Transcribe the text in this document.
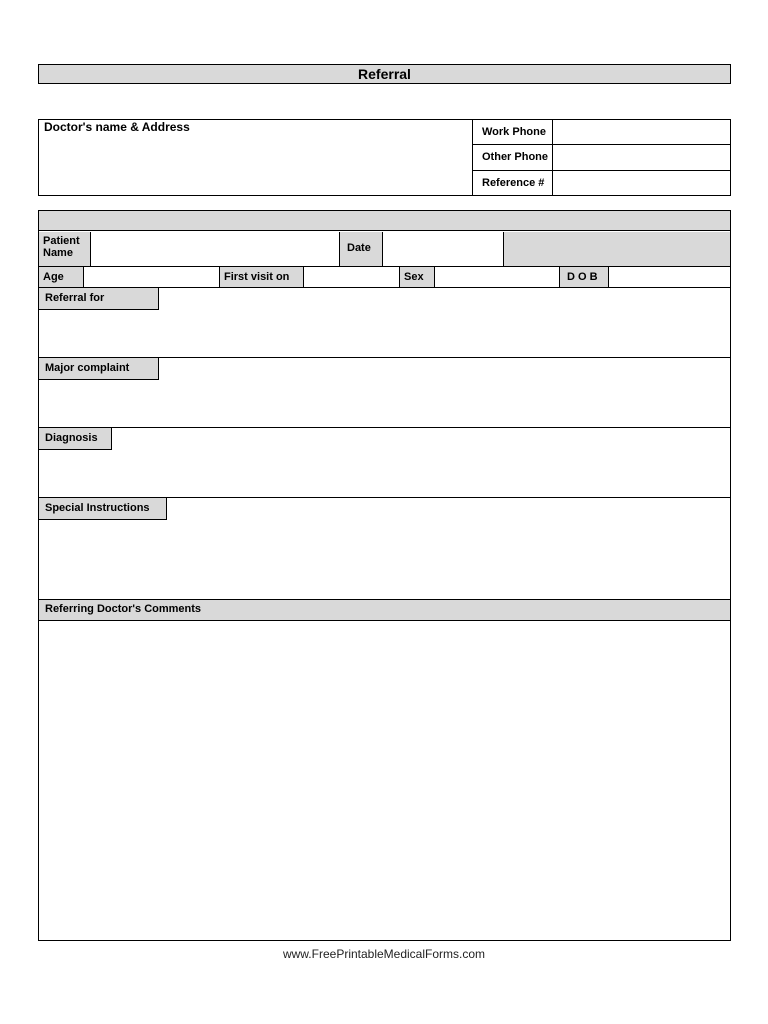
Referral
Doctor's name & Address	Work Phone	
Other Phone	
Reference #	
Patient Name	Date
Age	First visit on	Sex	D O B
Referral for
Major complaint
Diagnosis
Special Instructions
Referring Doctor's Comments
www.FreePrintableMedicalForms.com
